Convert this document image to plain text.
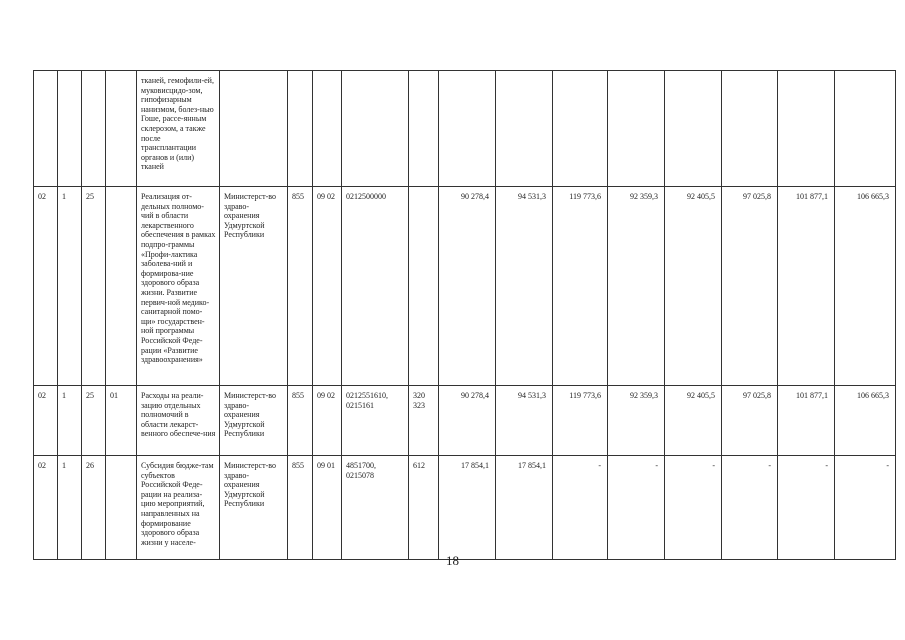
				тканей, гемофили-ей, муковисцидо-зом, гипофизарным нанизмом, болез-нью Гоше, рассе-янным склерозом, а также после трансплантации органов и (или) тканей													
02	1	25		Реализация от-дельных полномо-чий в области лекарственного обеспечения в рамках подпро-граммы «Профи-лактика заболева-ний и формирова-ние здорового образа жизни. Развитие первич-ной медико-санитарной помо-щи» государствен-ной программы Российской Феде-рации «Развитие здравоохранения»	Министерст-во здраво-охранения Удмуртской Республики	855	09 02	0212500000		90 278,4	94 531,3	119 773,6	92 359,3	92 405,5	97 025,8	101 877,1	106 665,3
02	1	25	01	Расходы на реали-зацию отдельных полномочий в области лекарст-венного обеспече-ния	Министерст-во здраво-охранения Удмуртской Республики	855	09 02	0212551610, 0215161	320 323	90 278,4	94 531,3	119 773,6	92 359,3	92 405,5	97 025,8	101 877,1	106 665,3
02	1	26		Субсидия бюдже-там субъектов Российской Феде-рации на реализа-цию мероприятий, направленных на формирование здорового образа жизни у населе-	Министерст-во здраво-охранения Удмуртской Республики	855	09 01	4851700, 0215078	612	17 854,1	17 854,1	-	-	-	-	-	-
18
